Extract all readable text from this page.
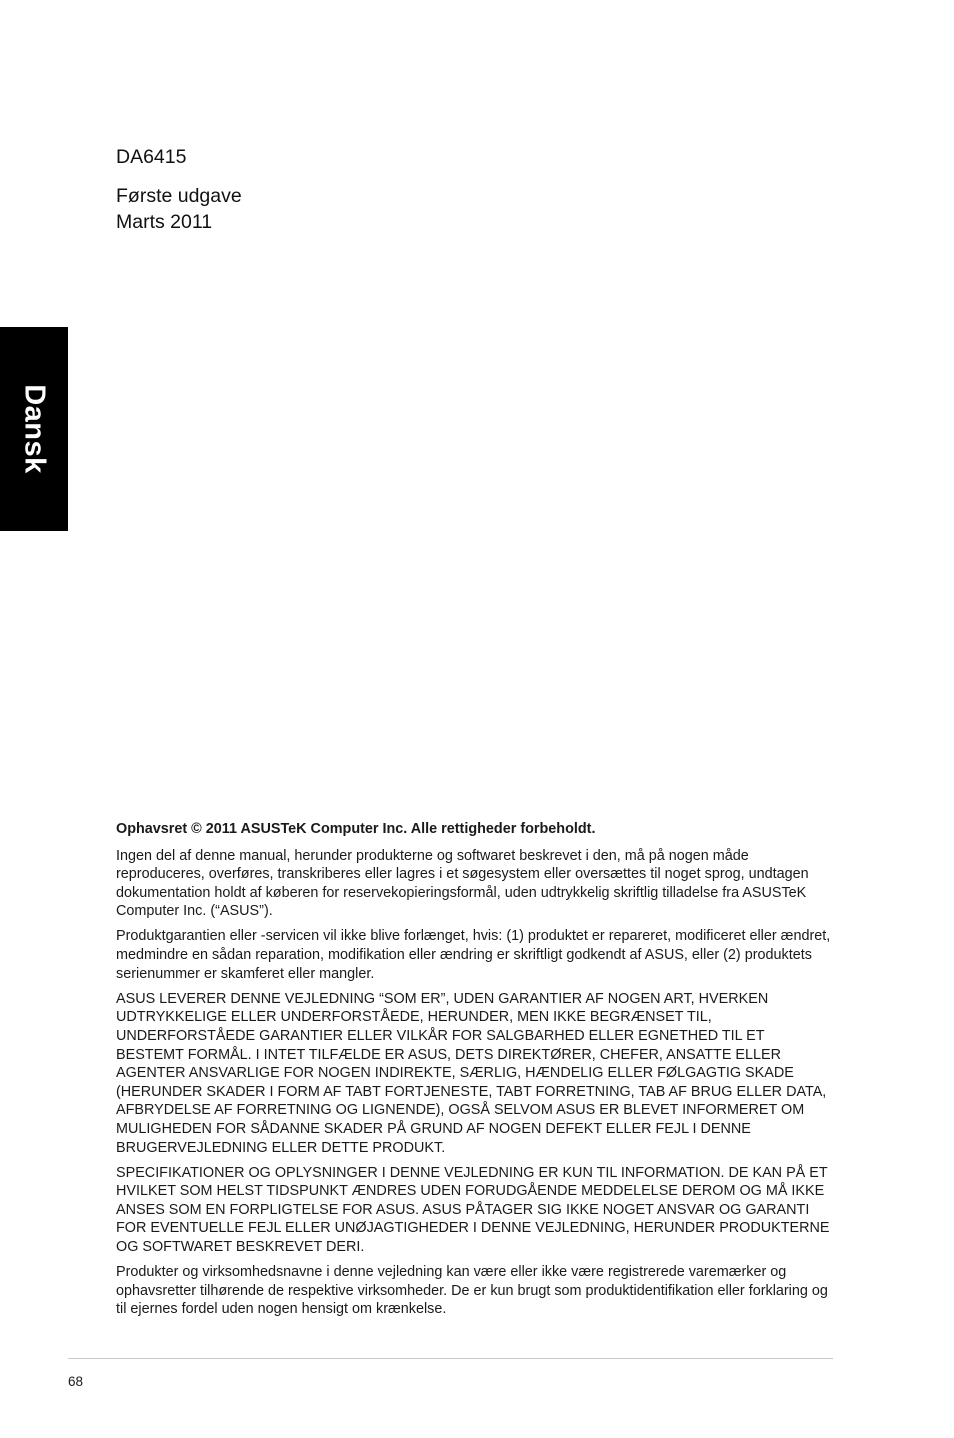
Dansk

DA6415

Første udgave

Marts 2011

Ophavsret © 2011 ASUSTeK Computer Inc. Alle rettigheder forbeholdt.

Ingen del af denne manual, herunder produkterne og softwaret beskrevet i den, må på nogen måde reproduceres, overføres, transkriberes eller lagres i et søgesystem eller oversættes til noget sprog, undtagen dokumentation holdt af køberen for reservekopieringsformål, uden udtrykkelig skriftlig tilladelse fra ASUSTeK Computer Inc. (“ASUS”).

Produktgarantien eller -servicen vil ikke blive forlænget, hvis: (1) produktet er repareret, modificeret eller ændret, medmindre en sådan reparation, modifikation eller ændring er skriftligt godkendt af ASUS, eller (2) produktets serienummer er skamferet eller mangler.

ASUS LEVERER DENNE VEJLEDNING “SOM ER”, UDEN GARANTIER AF NOGEN ART, HVERKEN UDTRYKKELIGE ELLER UNDERFORSTÅEDE, HERUNDER, MEN IKKE BEGRÆNSET TIL, UNDERFORSTÅEDE GARANTIER ELLER VILKÅR FOR SALGBARHED ELLER EGNETHED TIL ET BESTEMT FORMÅL. I INTET TILFÆLDE ER ASUS, DETS DIREKTØRER, CHEFER, ANSATTE ELLER AGENTER ANSVARLIGE FOR NOGEN INDIREKTE, SÆRLIG, HÆNDELIG ELLER FØLGAGTIG SKADE (HERUNDER SKADER I FORM AF TABT FORTJENESTE, TABT FORRETNING, TAB AF BRUG ELLER DATA, AFBRYDELSE AF FORRETNING OG LIGNENDE), OGSÅ SELVOM ASUS ER BLEVET INFORMERET OM MULIGHEDEN FOR SÅDANNE SKADER PÅ GRUND AF NOGEN DEFEKT ELLER FEJL I DENNE BRUGERVEJLEDNING ELLER DETTE PRODUKT.

SPECIFIKATIONER OG OPLYSNINGER I DENNE VEJLEDNING ER KUN TIL INFORMATION. DE KAN PÅ ET HVILKET SOM HELST TIDSPUNKT ÆNDRES UDEN FORUDGÅENDE MEDDELELSE DEROM OG MÅ IKKE ANSES SOM EN FORPLIGTELSE FOR ASUS. ASUS PÅTAGER SIG IKKE NOGET ANSVAR OG GARANTI FOR EVENTUELLE FEJL ELLER UNØJAGTIGHEDER I DENNE VEJLEDNING, HERUNDER PRODUKTERNE OG SOFTWARET BESKREVET DERI.

Produkter og virksomhedsnavne i denne vejledning kan være eller ikke være registrerede varemærker og ophavsretter tilhørende de respektive virksomheder. De er kun brugt som produktidentifikation eller forklaring og til ejernes fordel uden nogen hensigt om krænkelse.

68
